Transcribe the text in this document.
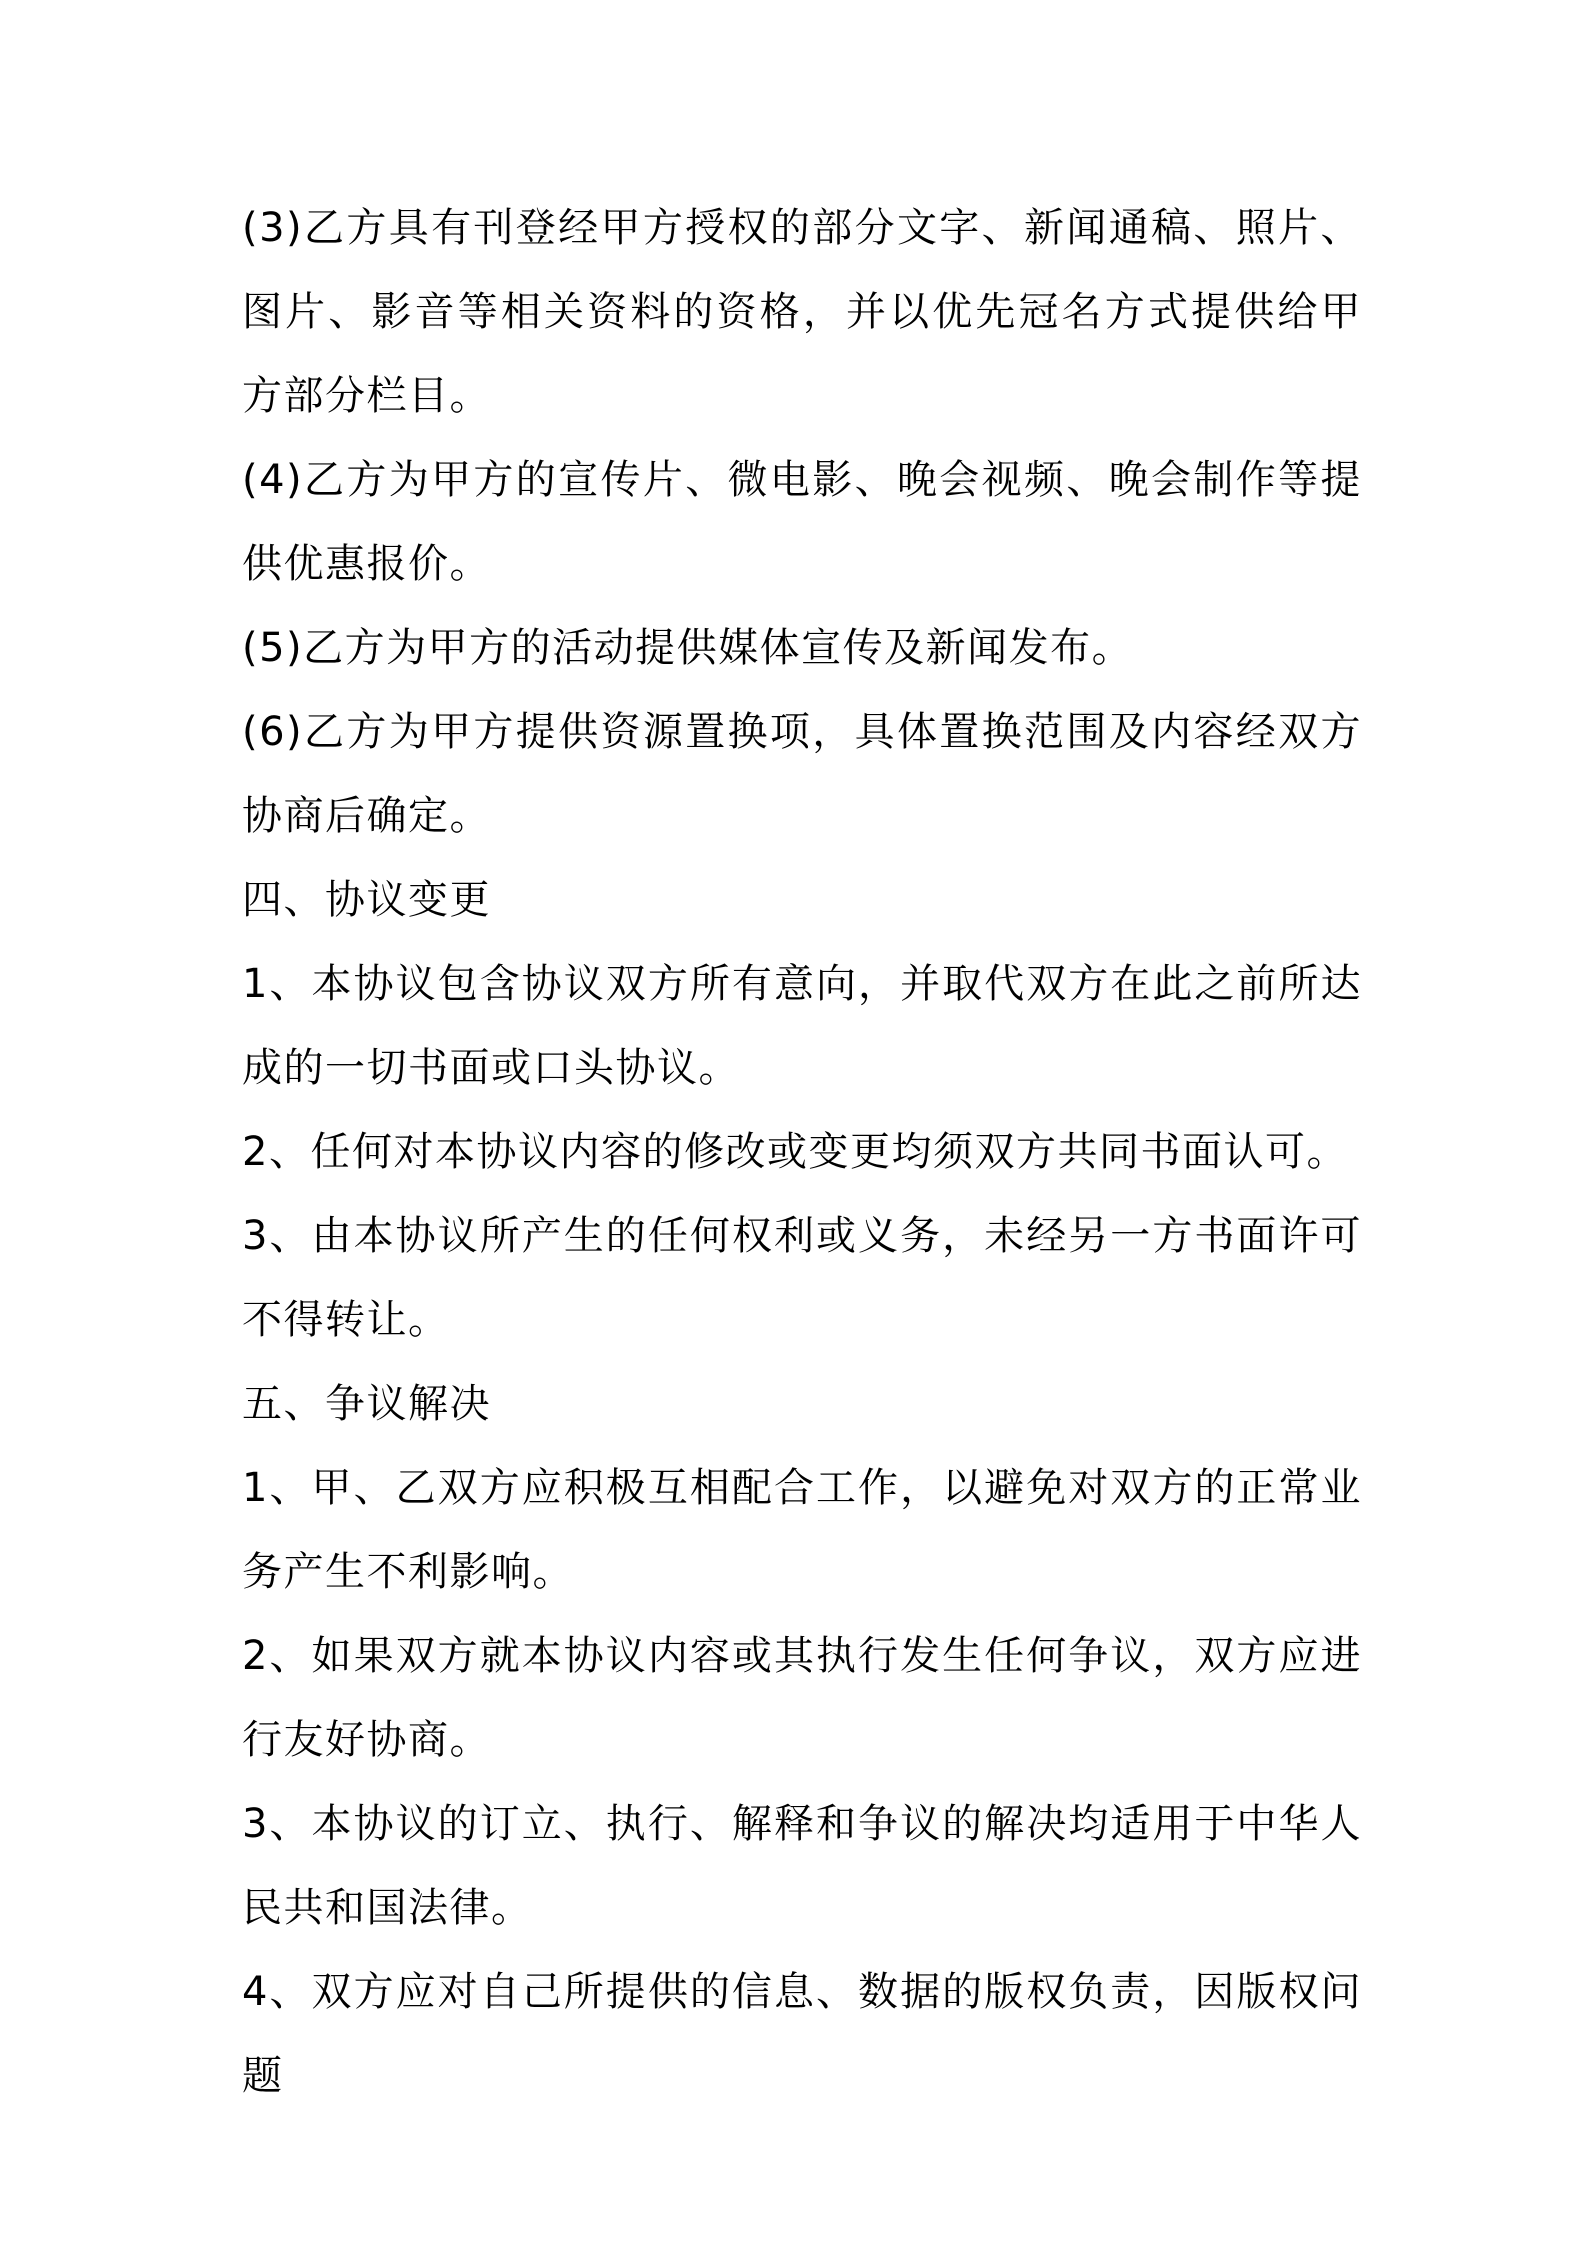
(3)乙方具有刊登经甲方授权的部分文字、新闻通稿、照片、图片、影音等相关资料的资格，并以优先冠名方式提供给甲方部分栏目。

(4)乙方为甲方的宣传片、微电影、晚会视频、晚会制作等提供优惠报价。

(5)乙方为甲方的活动提供媒体宣传及新闻发布。

(6)乙方为甲方提供资源置换项，具体置换范围及内容经双方协商后确定。

四、协议变更

1、本协议包含协议双方所有意向，并取代双方在此之前所达成的一切书面或口头协议。

2、任何对本协议内容的修改或变更均须双方共同书面认可。

3、由本协议所产生的任何权利或义务，未经另一方书面许可不得转让。

五、争议解决

1、甲、乙双方应积极互相配合工作，以避免对双方的正常业务产生不利影响。

2、如果双方就本协议内容或其执行发生任何争议，双方应进行友好协商。

3、本协议的订立、执行、解释和争议的解决均适用于中华人民共和国法律。

4、双方应对自己所提供的信息、数据的版权负责，因版权问题
